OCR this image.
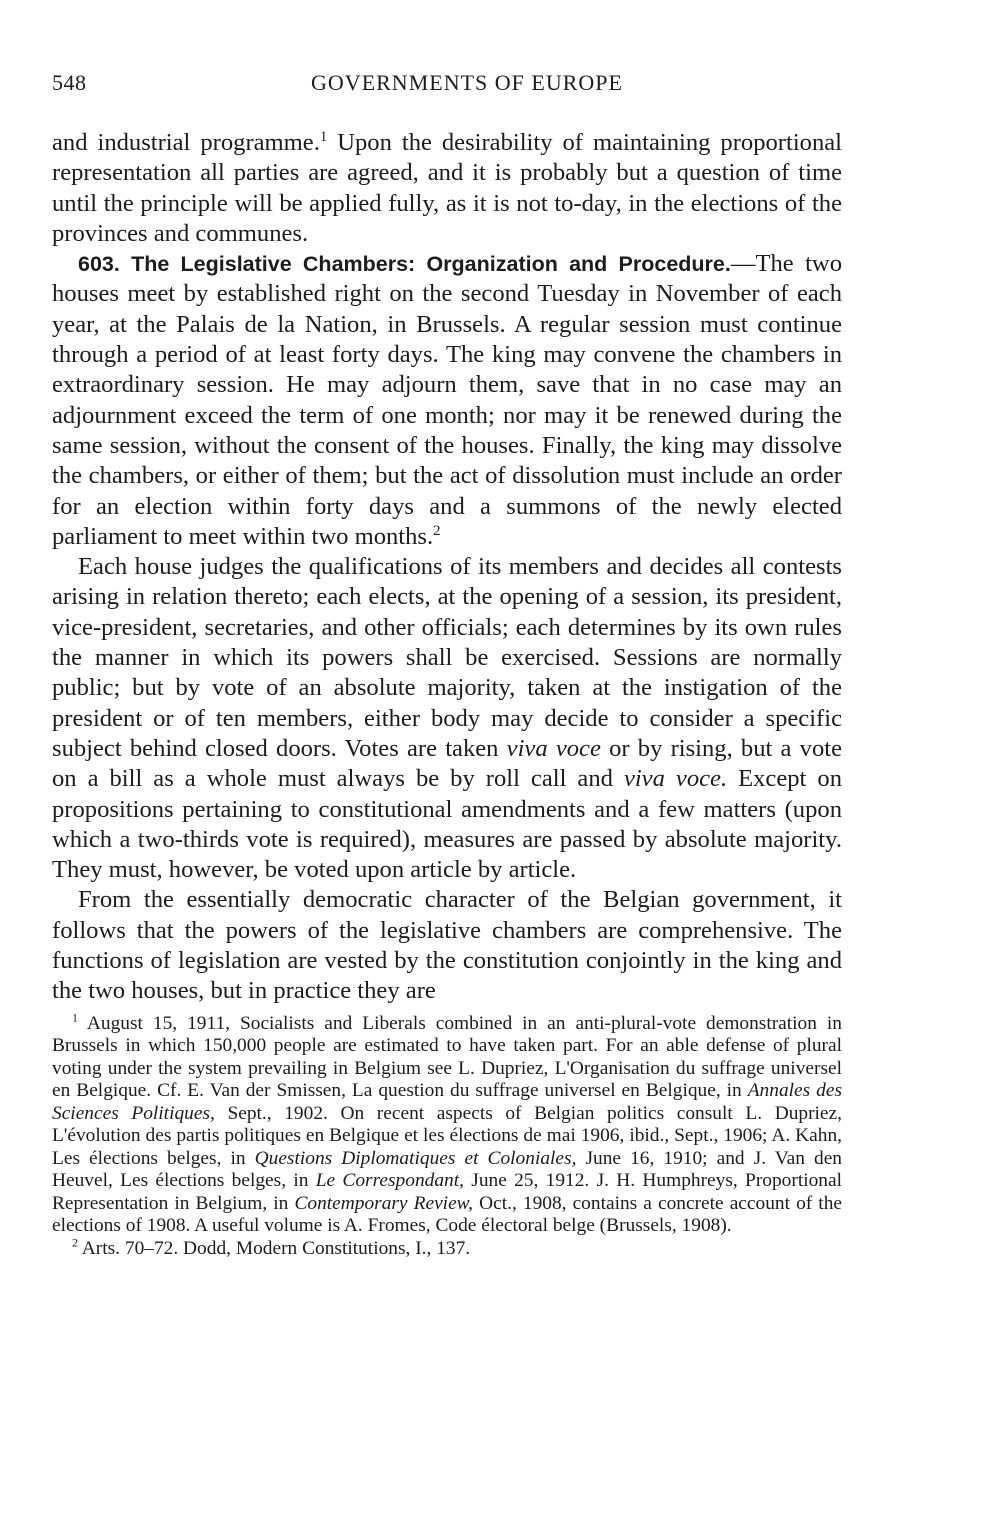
548	GOVERNMENTS OF EUROPE

and industrial programme.$^1$ Upon the desirability of maintaining proportional representation all parties are agreed, and it is probably but a question of time until the principle will be applied fully, as it is not to-day, in the elections of the provinces and communes.

603. The Legislative Chambers: Organization and Procedure.—The two houses meet by established right on the second Tuesday in November of each year, at the Palais de la Nation, in Brussels. A regular session must continue through a period of at least forty days. The king may convene the chambers in extraordinary session. He may adjourn them, save that in no case may an adjournment exceed the term of one month; nor may it be renewed during the same session, without the consent of the houses. Finally, the king may dissolve the chambers, or either of them; but the act of dissolution must include an order for an election within forty days and a summons of the newly elected parliament to meet within two months.$^2$

Each house judges the qualifications of its members and decides all contests arising in relation thereto; each elects, at the opening of a session, its president, vice-president, secretaries, and other officials; each determines by its own rules the manner in which its powers shall be exercised. Sessions are normally public; but by vote of an absolute majority, taken at the instigation of the president or of ten members, either body may decide to consider a specific subject behind closed doors. Votes are taken viva voce or by rising, but a vote on a bill as a whole must always be by roll call and viva voce. Except on propositions pertaining to constitutional amendments and a few matters (upon which a two-thirds vote is required), measures are passed by absolute majority. They must, however, be voted upon article by article.

From the essentially democratic character of the Belgian government, it follows that the powers of the legislative chambers are comprehensive. The functions of legislation are vested by the constitution conjointly in the king and the two houses, but in practice they are

$^1$ August 15, 1911, Socialists and Liberals combined in an anti-plural-vote demonstration in Brussels in which 150,000 people are estimated to have taken part. For an able defense of plural voting under the system prevailing in Belgium see L. Dupriez, L'Organisation du suffrage universel en Belgique. Cf. E. Van der Smissen, La question du suffrage universel en Belgique, in Annales des Sciences Politiques, Sept., 1902. On recent aspects of Belgian politics consult L. Dupriez, L'évolution des partis politiques en Belgique et les élections de mai 1906, ibid., Sept., 1906; A. Kahn, Les élections belges, in Questions Diplomatiques et Coloniales, June 16, 1910; and J. Van den Heuvel, Les élections belges, in Le Correspondant, June 25, 1912. J. H. Humphreys, Proportional Representation in Belgium, in Contemporary Review, Oct., 1908, contains a concrete account of the elections of 1908. A useful volume is A. Fromes, Code électoral belge (Brussels, 1908).

$^2$ Arts. 70–72. Dodd, Modern Constitutions, I., 137.
